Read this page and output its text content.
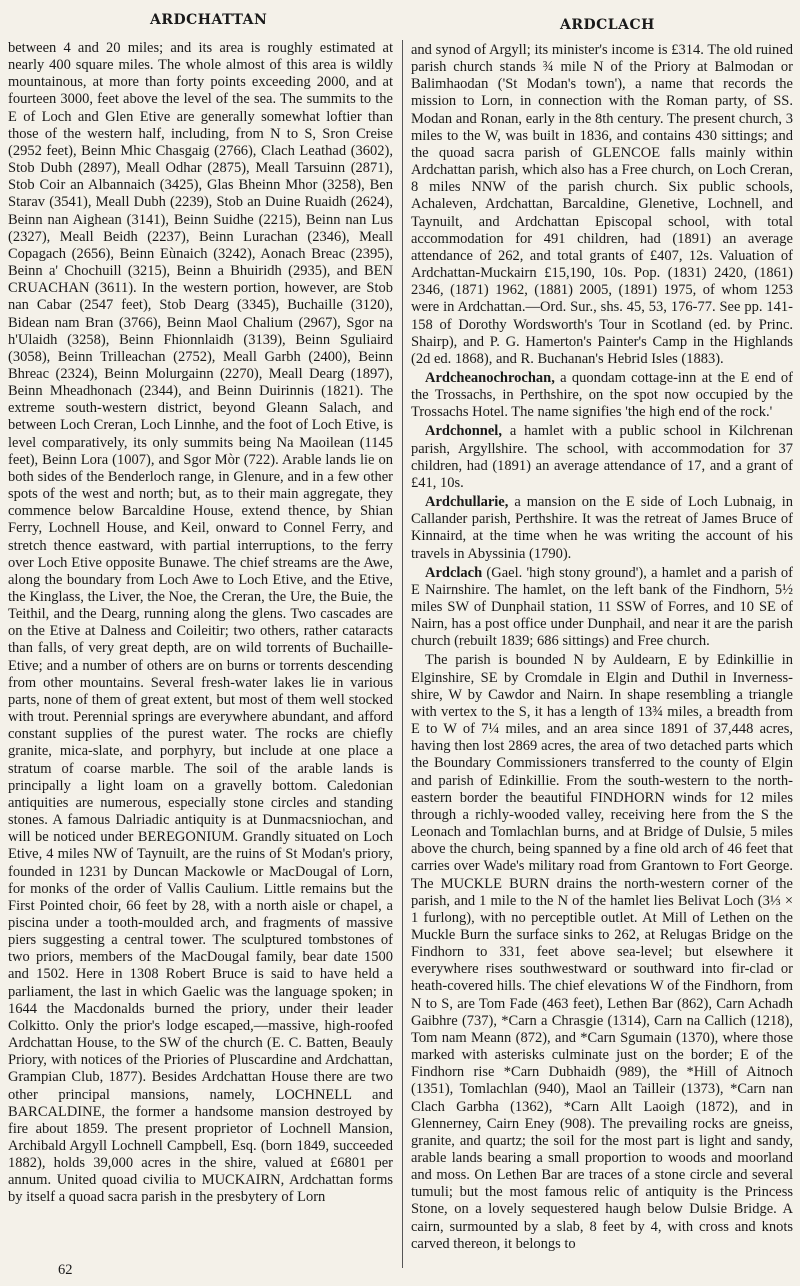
ARDCHATTAN	ARDCLACH

between 4 and 20 miles; and its area is roughly estimated at nearly 400 square miles. The whole almost of this area is wildly mountainous, at more than forty points exceeding 2000, and at fourteen 3000, feet above the level of the sea. The summits to the E of Loch and Glen Etive are generally somewhat loftier than those of the western half, including, from N to S, Sron Creise (2952 feet), Beinn Mhic Chasgaig (2766), Clach Leathad (3602), Stob Dubh (2897), Meall Odhar (2875), Meall Tarsuinn (2871), Stob Coir an Albannaich (3425), Glas Bheinn Mhor (3258), Ben Starav (3541), Meall Dubh (2239), Stob an Duine Ruaidh (2624), Beinn nan Aighean (3141), Beinn Suidhe (2215), Beinn nan Lus (2327), Meall Beidh (2237), Beinn Lurachan (2346), Meall Copagach (2656), Beinn Eùnaich (3242), Aonach Breac (2395), Beinn a' Chochuill (3215), Beinn a Bhuiridh (2935), and BEN CRUACHAN (3611). In the western portion, however, are Stob nan Cabar (2547 feet), Stob Dearg (3345), Buchaille (3120), Bidean nam Bran (3766), Beinn Maol Chalium (2967), Sgor na h'Ulaidh (3258), Beinn Fhionnlaidh (3139), Beinn Sguliaird (3058), Beinn Trilleachan (2752), Meall Garbh (2400), Beinn Bhreac (2324), Beinn Molurgainn (2270), Meall Dearg (1897), Beinn Mheadhonach (2344), and Beinn Duirinnis (1821). The extreme south-western district, beyond Gleann Salach, and between Loch Creran, Loch Linnhe, and the foot of Loch Etive, is level comparatively, its only summits being Na Maoilean (1145 feet), Beinn Lora (1007), and Sgor Mòr (722). Arable lands lie on both sides of the Benderloch range, in Glenure, and in a few other spots of the west and north; but, as to their main aggregate, they commence below Barcaldine House, extend thence, by Shian Ferry, Lochnell House, and Keil, onward to Connel Ferry, and stretch thence eastward, with partial interruptions, to the ferry over Loch Etive opposite Bunawe. The chief streams are the Awe, along the boundary from Loch Awe to Loch Etive, and the Etive, the Kinglass, the Liver, the Noe, the Creran, the Ure, the Buie, the Teithil, and the Dearg, running along the glens. Two cascades are on the Etive at Dalness and Coileitir; two others, rather cataracts than falls, of very great depth, are on wild torrents of Buchaille-Etive; and a number of others are on burns or torrents descending from other mountains. Several fresh-water lakes lie in various parts, none of them of great extent, but most of them well stocked with trout. Perennial springs are everywhere abundant, and afford constant supplies of the purest water. The rocks are chiefly granite, mica-slate, and porphyry, but include at one place a stratum of coarse marble. The soil of the arable lands is principally a light loam on a gravelly bottom. Caledonian antiquities are numerous, especially stone circles and standing stones. A famous Dalriadic antiquity is at Dunmacsniochan, and will be noticed under BEREGONIUM. Grandly situated on Loch Etive, 4 miles NW of Taynuilt, are the ruins of St Modan's priory, founded in 1231 by Duncan Mackowle or MacDougal of Lorn, for monks of the order of Vallis Caulium. Little remains but the First Pointed choir, 66 feet by 28, with a north aisle or chapel, a piscina under a tooth-moulded arch, and fragments of massive piers suggesting a central tower. The sculptured tombstones of two priors, members of the MacDougal family, bear date 1500 and 1502. Here in 1308 Robert Bruce is said to have held a parliament, the last in which Gaelic was the language spoken; in 1644 the Macdonalds burned the priory, under their leader Colkitto. Only the prior's lodge escaped,—massive, high-roofed Ardchattan House, to the SW of the church (E. C. Batten, Beauly Priory, with notices of the Priories of Pluscardine and Ardchattan, Grampian Club, 1877). Besides Ardchattan House there are two other principal mansions, namely, LOCHNELL and BARCALDINE, the former a handsome mansion destroyed by fire about 1859. The present proprietor of Lochnell Mansion, Archibald Argyll Lochnell Campbell, Esq. (born 1849, succeeded 1882), holds 39,000 acres in the shire, valued at £6801 per annum. United quoad civilia to MUCKAIRN, Ardchattan forms by itself a quoad sacra parish in the presbytery of Lorn

and synod of Argyll; its minister's income is £314. The old ruined parish church stands ¾ mile N of the Priory at Balmodan or Balimhaodan ('St Modan's town'), a name that records the mission to Lorn, in connection with the Roman party, of SS. Modan and Ronan, early in the 8th century. The present church, 3 miles to the W, was built in 1836, and contains 430 sittings; and the quoad sacra parish of GLENCOE falls mainly within Ardchattan parish, which also has a Free church, on Loch Creran, 8 miles NNW of the parish church. Six public schools, Achaleven, Ardchattan, Barcaldine, Glenetive, Lochnell, and Taynuilt, and Ardchattan Episcopal school, with total accommodation for 491 children, had (1891) an average attendance of 262, and total grants of £407, 12s. Valuation of Ardchattan-Muckairn £15,190, 10s. Pop. (1831) 2420, (1861) 2346, (1871) 1962, (1881) 2005, (1891) 1975, of whom 1253 were in Ardchattan.—Ord. Sur., shs. 45, 53, 176-77. See pp. 141-158 of Dorothy Wordsworth's Tour in Scotland (ed. by Princ. Shairp), and P. G. Hamerton's Painter's Camp in the Highlands (2d ed. 1868), and R. Buchanan's Hebrid Isles (1883).

Ardcheanochrochan, a quondam cottage-inn at the E end of the Trossachs, in Perthshire, on the spot now occupied by the Trossachs Hotel. The name signifies 'the high end of the rock.'

Ardchonnel, a hamlet with a public school in Kilchrenan parish, Argyllshire. The school, with accommodation for 37 children, had (1891) an average attendance of 17, and a grant of £41, 10s.

Ardchullarie, a mansion on the E side of Loch Lubnaig, in Callander parish, Perthshire. It was the retreat of James Bruce of Kinnaird, at the time when he was writing the account of his travels in Abyssinia (1790).

Ardclach (Gael. 'high stony ground'), a hamlet and a parish of E Nairnshire. The hamlet, on the left bank of the Findhorn, 5½ miles SW of Dunphail station, 11 SSW of Forres, and 10 SE of Nairn, has a post office under Dunphail, and near it are the parish church (rebuilt 1839; 686 sittings) and Free church.

The parish is bounded N by Auldearn, E by Edinkillie in Elginshire, SE by Cromdale in Elgin and Duthil in Inverness-shire, W by Cawdor and Nairn. In shape resembling a triangle with vertex to the S, it has a length of 13¾ miles, a breadth from E to W of 7¼ miles, and an area since 1891 of 37,448 acres, having then lost 2869 acres, the area of two detached parts which the Boundary Commissioners transferred to the county of Elgin and parish of Edinkillie. From the south-western to the north-eastern border the beautiful FINDHORN winds for 12 miles through a richly-wooded valley, receiving here from the S the Leonach and Tomlachlan burns, and at Bridge of Dulsie, 5 miles above the church, being spanned by a fine old arch of 46 feet that carries over Wade's military road from Grantown to Fort George. The MUCKLE BURN drains the north-western corner of the parish, and 1 mile to the N of the hamlet lies Belivat Loch (3⅓ × 1 furlong), with no perceptible outlet. At Mill of Lethen on the Muckle Burn the surface sinks to 262, at Relugas Bridge on the Findhorn to 331, feet above sea-level; but elsewhere it everywhere rises southwestward or southward into fir-clad or heath-covered hills. The chief elevations W of the Findhorn, from N to S, are Tom Fade (463 feet), Lethen Bar (862), Carn Achadh Gaibhre (737), *Carn a Chrasgie (1314), Carn na Callich (1218), Tom nam Meann (872), and *Carn Sgumain (1370), where those marked with asterisks culminate just on the border; E of the Findhorn rise *Carn Dubhaidh (989), the *Hill of Aitnoch (1351), Tomlachlan (940), Maol an Tailleir (1373), *Carn nan Clach Garbha (1362), *Carn Allt Laoigh (1872), and in Glennerney, Cairn Eney (908). The prevailing rocks are gneiss, granite, and quartz; the soil for the most part is light and sandy, arable lands bearing a small proportion to woods and moorland and moss. On Lethen Bar are traces of a stone circle and several tumuli; but the most famous relic of antiquity is the Princess Stone, on a lovely sequestered haugh below Dulsie Bridge. A cairn, surmounted by a slab, 8 feet by 4, with cross and knots carved thereon, it belongs to

62
